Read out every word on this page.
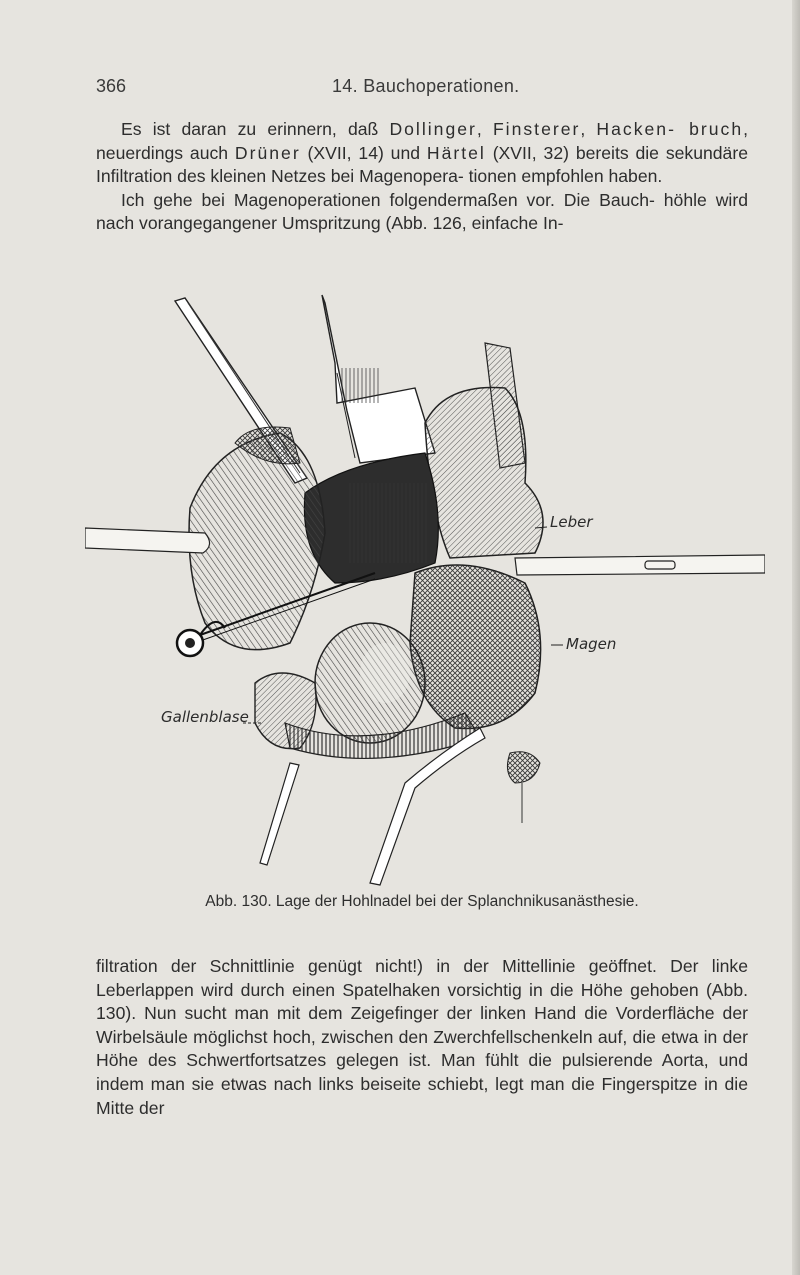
366	14. Bauchoperationen.

Es ist daran zu erinnern, daß Dollinger, Finsterer, Hacken- bruch, neuerdings auch Drüner (XVII, 14) und Härtel (XVII, 32) bereits die sekundäre Infiltration des kleinen Netzes bei Magenopera- tionen empfohlen haben.

Ich gehe bei Magenoperationen folgendermaßen vor. Die Bauch- höhle wird nach vorangegangener Umspritzung (Abb. 126, einfache In-

Leber
Magen
Gallenblase
Abb. 130. Lage der Hohlnadel bei der Splanchnikusanästhesie.

filtration der Schnittlinie genügt nicht!) in der Mittellinie geöffnet. Der linke Leberlappen wird durch einen Spatelhaken vorsichtig in die Höhe gehoben (Abb. 130). Nun sucht man mit dem Zeigefinger der linken Hand die Vorderfläche der Wirbelsäule möglichst hoch, zwischen den Zwerchfellschenkeln auf, die etwa in der Höhe des Schwertfortsatzes gelegen ist. Man fühlt die pulsierende Aorta, und indem man sie etwas nach links beiseite schiebt, legt man die Fingerspitze in die Mitte der
